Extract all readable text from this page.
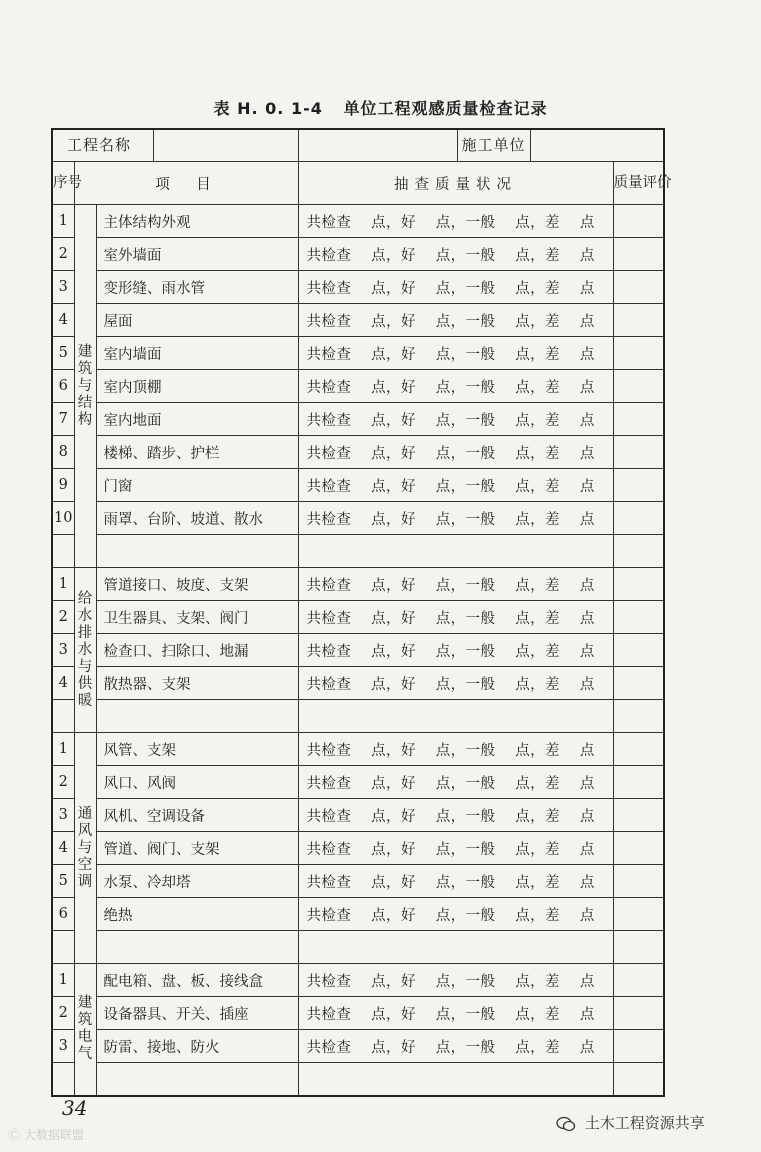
表 H. 0. 1-4 单位工程观感质量检查记录
工程名称			施工单位	

序号	项　目		抽查质量状况	质量评价
1	建筑与结构	主体结构外观	共检查　 点，好　 点，一般　 点，差　 点	
2		室外墙面	共检查　 点，好　 点，一般　 点，差　 点	
3		变形缝、雨水管	共检查　 点，好　 点，一般　 点，差　 点	
4		屋面	共检查　 点，好　 点，一般　 点，差　 点	
5		室内墙面	共检查　 点，好　 点，一般　 点，差　 点	
6		室内顶棚	共检查　 点，好　 点，一般　 点，差　 点	
7		室内地面	共检查　 点，好　 点，一般　 点，差　 点	
8		楼梯、踏步、护栏	共检查　 点，好　 点，一般　 点，差　 点	
9		门窗	共检查　 点，好　 点，一般　 点，差　 点	
10		雨罩、台阶、坡道、散水	共检查　 点，好　 点，一般　 点，差　 点	

1	给水排水与供暖	管道接口、坡度、支架	共检查　 点，好　 点，一般　 点，差　 点	
2		卫生器具、支架、阀门	共检查　 点，好　 点，一般　 点，差　 点	
3		检查口、扫除口、地漏	共检查　 点，好　 点，一般　 点，差　 点	
4		散热器、支架	共检查　 点，好　 点，一般　 点，差　 点	

1	通风与空调	风管、支架	共检查　 点，好　 点，一般　 点，差　 点	
2		风口、风阀	共检查　 点，好　 点，一般　 点，差　 点	
3		风机、空调设备	共检查　 点，好　 点，一般　 点，差　 点	
4		管道、阀门、支架	共检查　 点，好　 点，一般　 点，差　 点	
5		水泵、冷却塔	共检查　 点，好　 点，一般　 点，差　 点	
6		绝热	共检查　 点，好　 点，一般　 点，差　 点	

1	建筑电气	配电箱、盘、板、接线盒	共检查　 点，好　 点，一般　 点，差　 点	
2		设备器具、开关、插座	共检查　 点，好　 点，一般　 点，差　 点	
3		防雷、接地、防火	共检查　 点，好　 点，一般　 点，差　 点	

34
Ⓒ 大数据联盟
土木工程资源共享
